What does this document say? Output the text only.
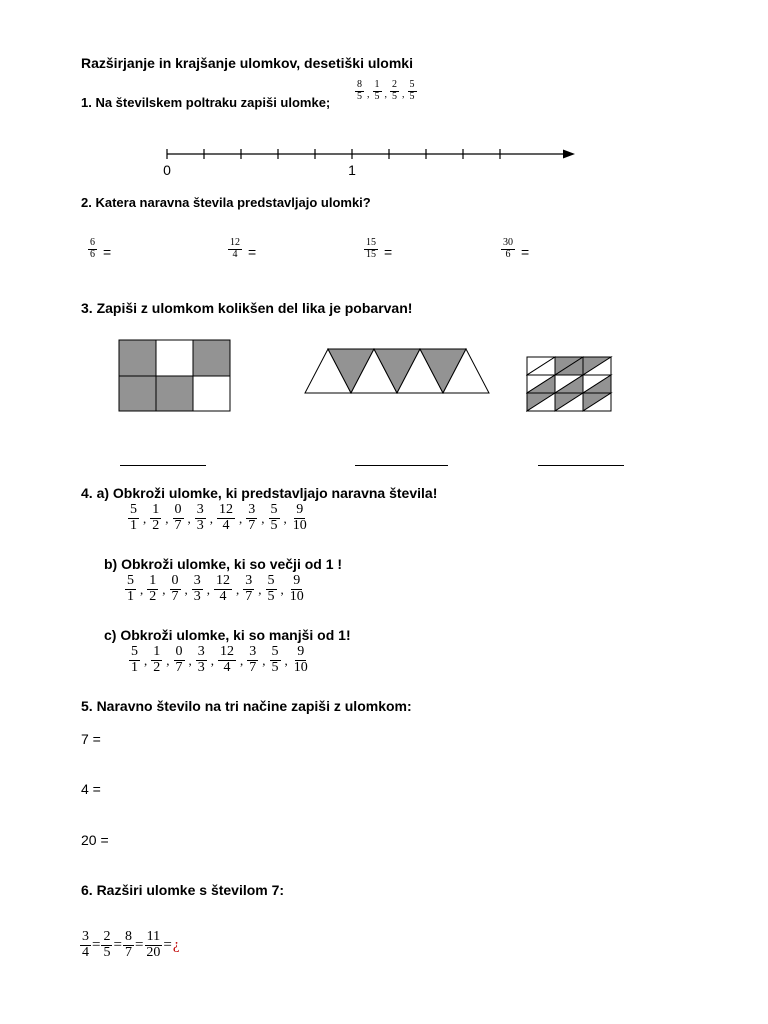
Razširjanje in krajšanje ulomkov, desetiški ulomki
1. Na številskem poltraku zapiši ulomke;
$\frac{8}{5}$ , $\frac{1}{5}$ , $\frac{2}{5}$ , $\frac{5}{5}$
0	1
2. Katera naravna števila predstavljajo ulomki?
$\frac{6}{6}$ =	$\frac{12}{4}$ =	$\frac{15}{15}$ =	$\frac{30}{6}$ =
3. Zapiši z ulomkom kolikšen del lika je pobarvan!
4. a) Obkroži ulomke, ki predstavljajo naravna števila!
$\frac{5}{1}$ , $\frac{1}{2}$ , $\frac{0}{7}$ , $\frac{3}{3}$ , $\frac{12}{4}$ , $\frac{3}{7}$ , $\frac{5}{5}$ , $\frac{9}{10}$
b) Obkroži ulomke, ki so večji od 1 !
$\frac{5}{1}$ , $\frac{1}{2}$ , $\frac{0}{7}$ , $\frac{3}{3}$ , $\frac{12}{4}$ , $\frac{3}{7}$ , $\frac{5}{5}$ , $\frac{9}{10}$
c) Obkroži ulomke, ki so manjši od 1!
$\frac{5}{1}$ , $\frac{1}{2}$ , $\frac{0}{7}$ , $\frac{3}{3}$ , $\frac{12}{4}$ , $\frac{3}{7}$ , $\frac{5}{5}$ , $\frac{9}{10}$
5. Naravno število na tri načine zapiši z ulomkom:
7 =
4 =
20 =
6. Razširi ulomke s številom 7:
$\frac{3}{4} = \frac{2}{5} = \frac{8}{7} = \frac{11}{20}$ = ¿
